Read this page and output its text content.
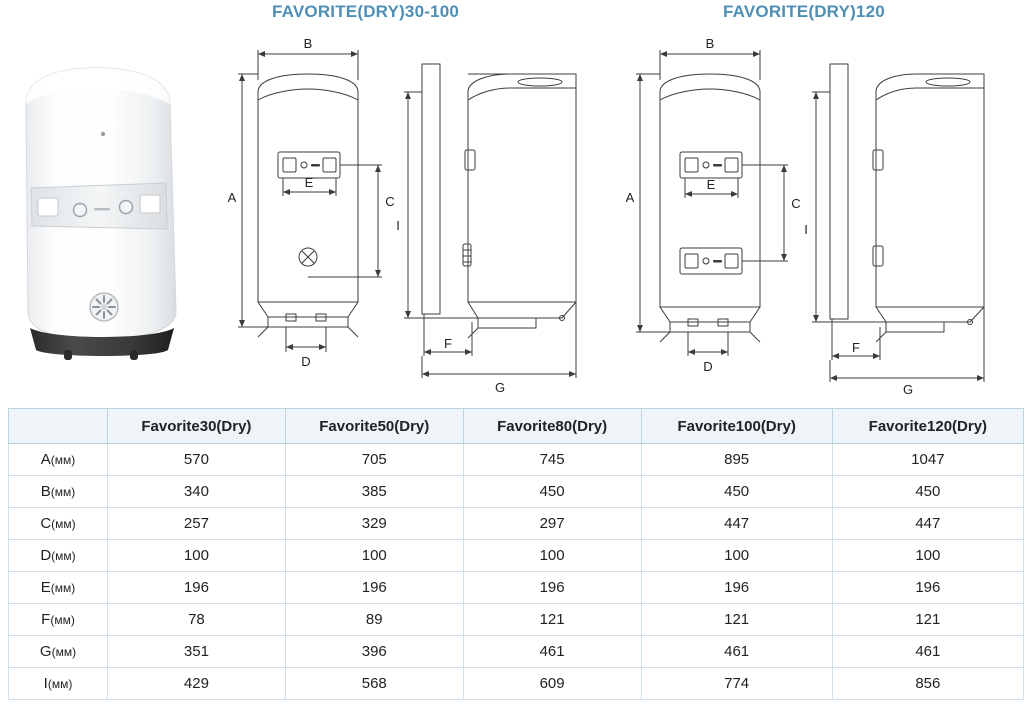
FAVORITE(DRY)30-100	FAVORITE(DRY)120
B
A	C
E
D
I
F
G
B
A	C
E
D
I
F
G
	Favorite30(Dry)	Favorite50(Dry)	Favorite80(Dry)	Favorite100(Dry)	Favorite120(Dry)
A(мм)	570	705	745	895	1047
B(мм)	340	385	450	450	450
C(мм)	257	329	297	447	447
D(мм)	100	100	100	100	100
E(мм)	196	196	196	196	196
F(мм)	78	89	121	121	121
G(мм)	351	396	461	461	461
I(мм)	429	568	609	774	856
